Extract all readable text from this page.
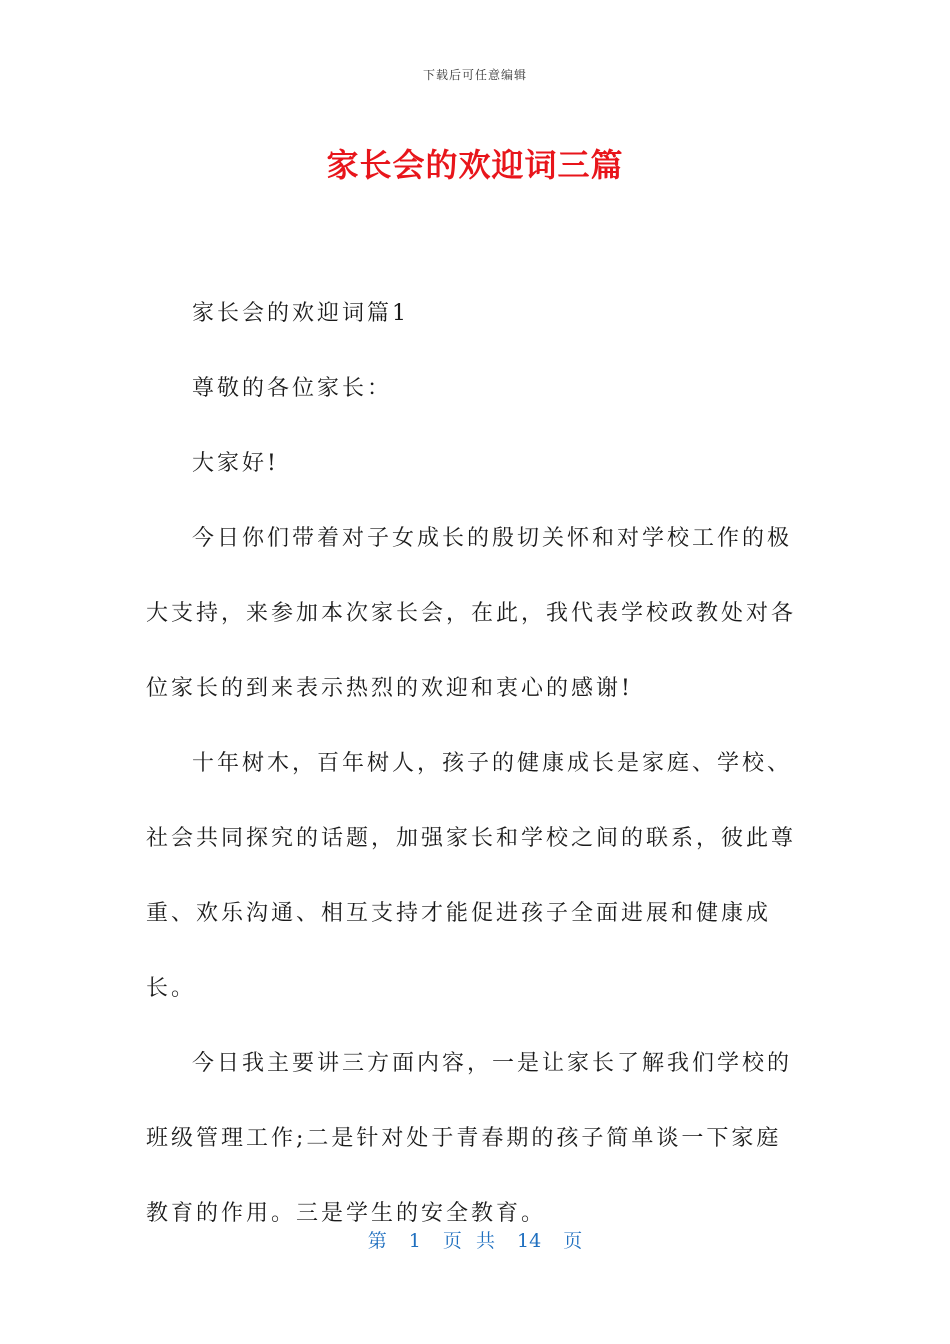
下载后可任意编辑
家长会的欢迎词三篇

家长会的欢迎词篇1

尊敬的各位家长：

大家好!

今日你们带着对子女成长的殷切关怀和对学校工作的极大支持，来参加本次家长会，在此，我代表学校政教处对各位家长的到来表示热烈的欢迎和衷心的感谢!

十年树木，百年树人，孩子的健康成长是家庭、学校、社会共同探究的话题，加强家长和学校之间的联系，彼此尊重、欢乐沟通、相互支持才能促进孩子全面进展和健康成长。

今日我主要讲三方面内容，一是让家长了解我们学校的班级管理工作;二是针对处于青春期的孩子简单谈一下家庭教育的作用。三是学生的安全教育。

第 1 页 共 14 页
